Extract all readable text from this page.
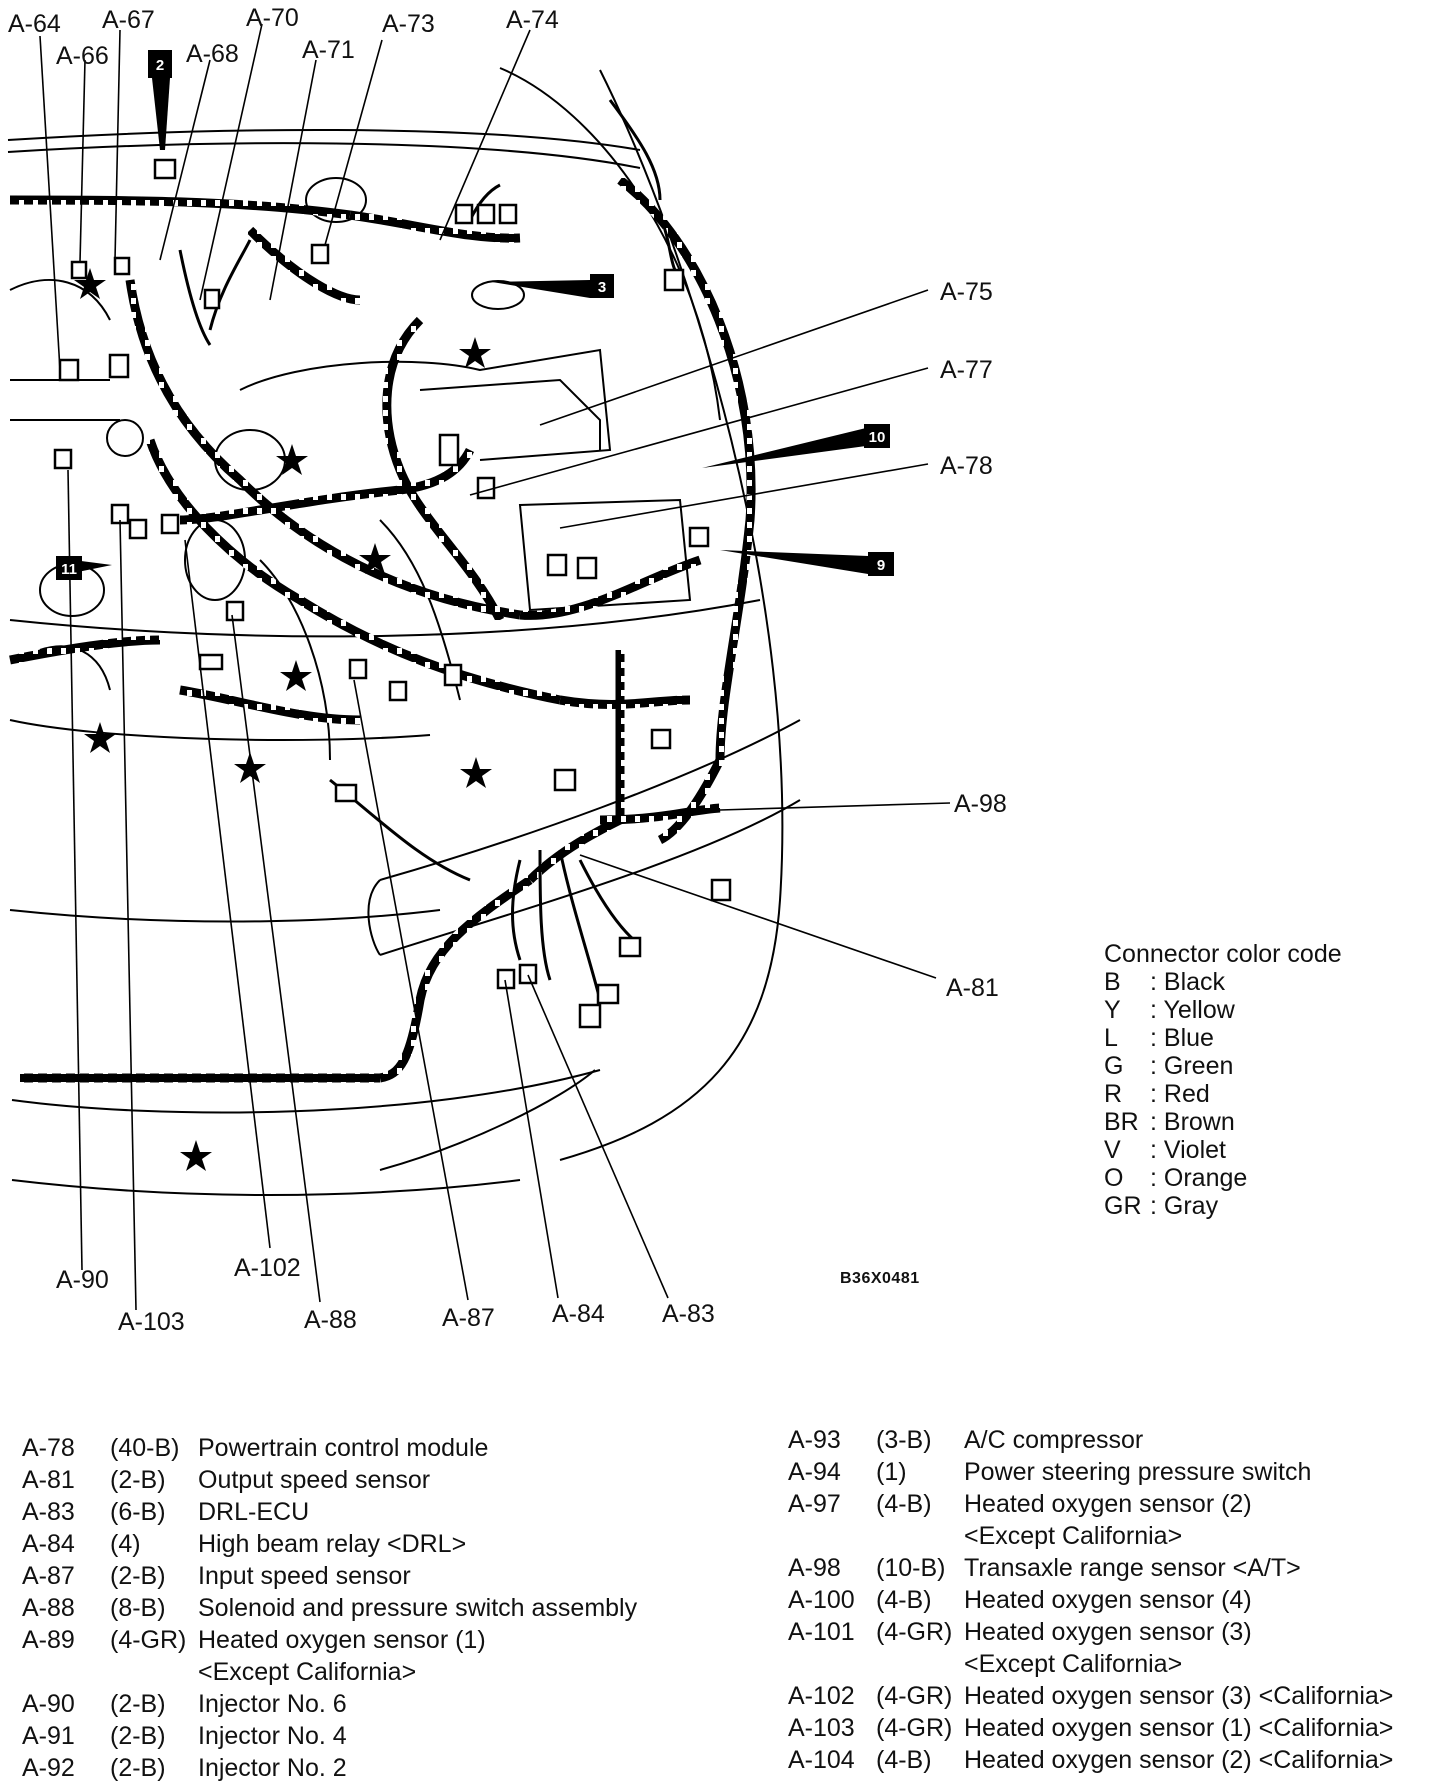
2
3
10
9
11
A-64 A-67	A-70	A-73	A-74
A-66	A-68	A-71
A-75
A-77
A-78
A-98
A-81
A-90	A-102
A-103	A-88	A-87 A-84 A-83
B36X0481
Connector color code
B : Black
Y : Yellow
L : Blue
G : Green
R : Red
BR : Brown
V : Violet
O : Orange
GR : Gray
A-78	(40-B)	Powertrain control module
A-81	(2-B)	Output speed sensor
A-83	(6-B)	DRL-ECU
A-84	(4)	High beam relay <DRL>
A-87	(2-B)	Input speed sensor
A-88	(8-B)	Solenoid and pressure switch assembly
A-89	(4-GR)	Heated oxygen sensor (1)
		<Except California>
A-90	(2-B)	Injector No. 6
A-91	(2-B)	Injector No. 4
A-92	(2-B)	Injector No. 2
A-93	(3-B)	A/C compressor
A-94	(1)	Power steering pressure switch
A-97	(4-B)	Heated oxygen sensor (2)
		<Except California>
A-98	(10-B)	Transaxle range sensor <A/T>
A-100	(4-B)	Heated oxygen sensor (4)
A-101	(4-GR)	Heated oxygen sensor (3)
		<Except California>
A-102	(4-GR)	Heated oxygen sensor (3) <California>
A-103	(4-GR)	Heated oxygen sensor (1) <California>
A-104	(4-B)	Heated oxygen sensor (2) <California>
